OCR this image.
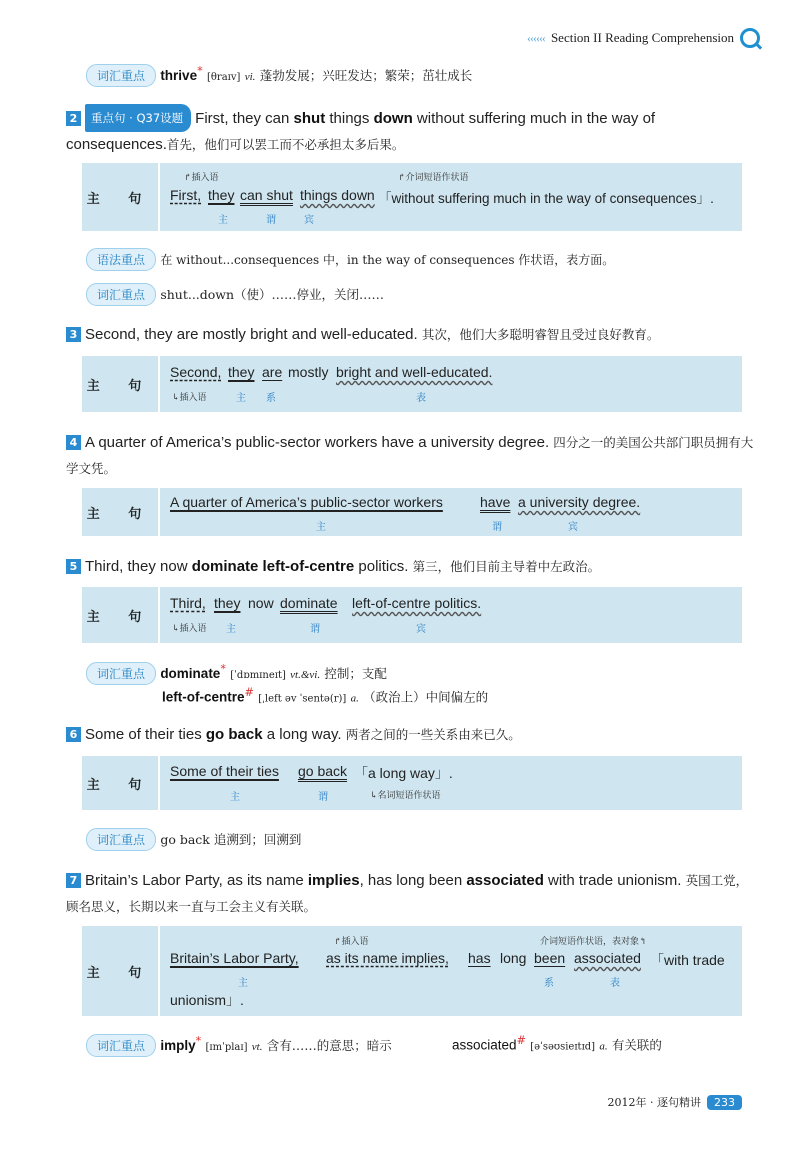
‹‹‹‹‹‹ Section II Reading Comprehension
词汇重点 thrive* [θraɪv] vi. 蓬勃发展；兴旺发达；繁荣；茁壮成长
2 重点句 · Q37设题 First, they can shut things down without suffering much in the way of consequences.首先，他们可以罢工而不必承担太多后果。
主 句
↱插入语	↱介词短语作状语
First, they can shut things down 「without suffering much in the way of consequences」.
主	谓	宾
语法重点 在 without...consequences 中，in the way of consequences 作状语，表方面。
词汇重点 shut...down（使）……停业，关闭……
3 Second, they are mostly bright and well-educated. 其次，他们大多聪明睿智且受过良好教育。
主 句
Second, they are mostly bright and well-educated.
↳插入语	主 系	表
4 A quarter of America’s public-sector workers have a university degree. 四分之一的美国公共部门职员拥有大学文凭。
主 句
A quarter of America’s public-sector workers	have a university degree.
主	谓	宾
5 Third, they now dominate left-of-centre politics. 第三，他们目前主导着中左政治。
主 句
Third, they now dominate left-of-centre politics.
↳插入语 主	谓	宾
词汇重点 dominate* [ˈdɒmɪneɪt] vt.&vi. 控制；支配
left-of-centre# [ˌleft əv ˈsentə(r)] a. （政治上）中间偏左的
6 Some of their ties go back a long way. 两者之间的一些关系由来已久。
主 句
Some of their ties go back 「a long way」.
主	谓	↳名词短语作状语
词汇重点 go back 追溯到；回溯到
7 Britain’s Labor Party, as its name implies, has long been associated with trade unionism. 英国工党，顾名思义，长期以来一直与工会主义有关联。
主 句
↱插入语	介词短语作状语，表对象↰
Britain’s Labor Party, as its name implies, has long been associated 「with trade
主	系	表
unionism」.
词汇重点 imply* [ɪmˈplaɪ] vt. 含有……的意思；暗示	associated# [əˈsəʊsieɪtɪd] a. 有关联的
2012年 · 逐句精讲	233
